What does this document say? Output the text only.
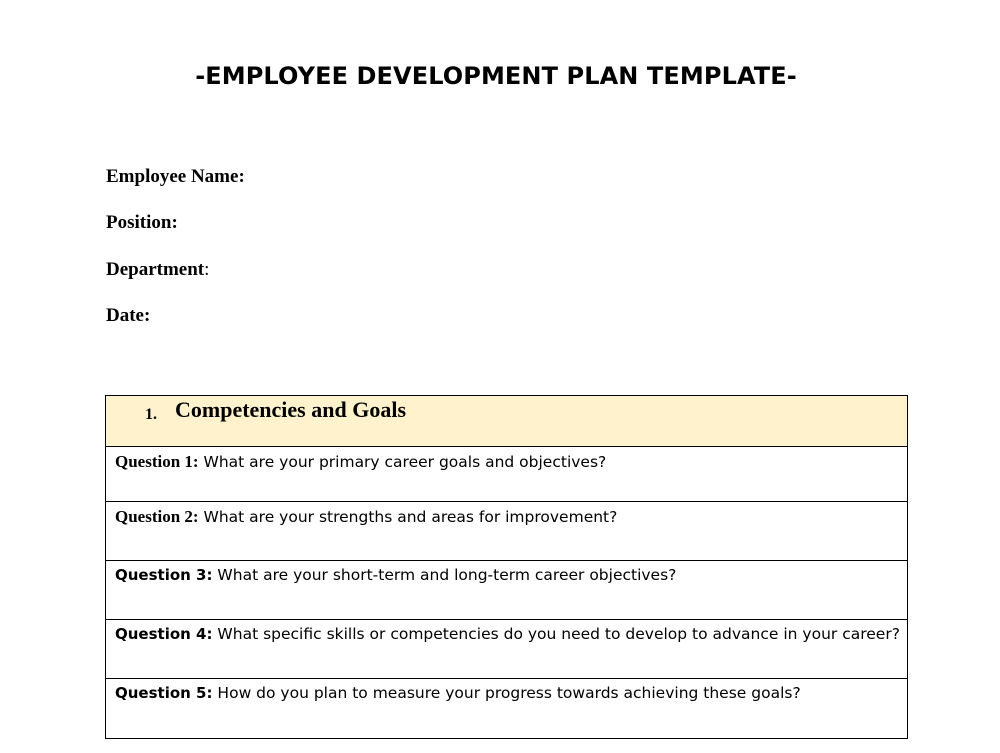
-EMPLOYEE DEVELOPMENT PLAN TEMPLATE-
Employee Name:
Position:
Department:
Date:
1. Competencies and Goals

Question 1: What are your primary career goals and objectives?

Question 2: What are your strengths and areas for improvement?

Question 3: What are your short-term and long-term career objectives?

Question 4: What specific skills or competencies do you need to develop to advance in your career?

Question 5: How do you plan to measure your progress towards achieving these goals?
